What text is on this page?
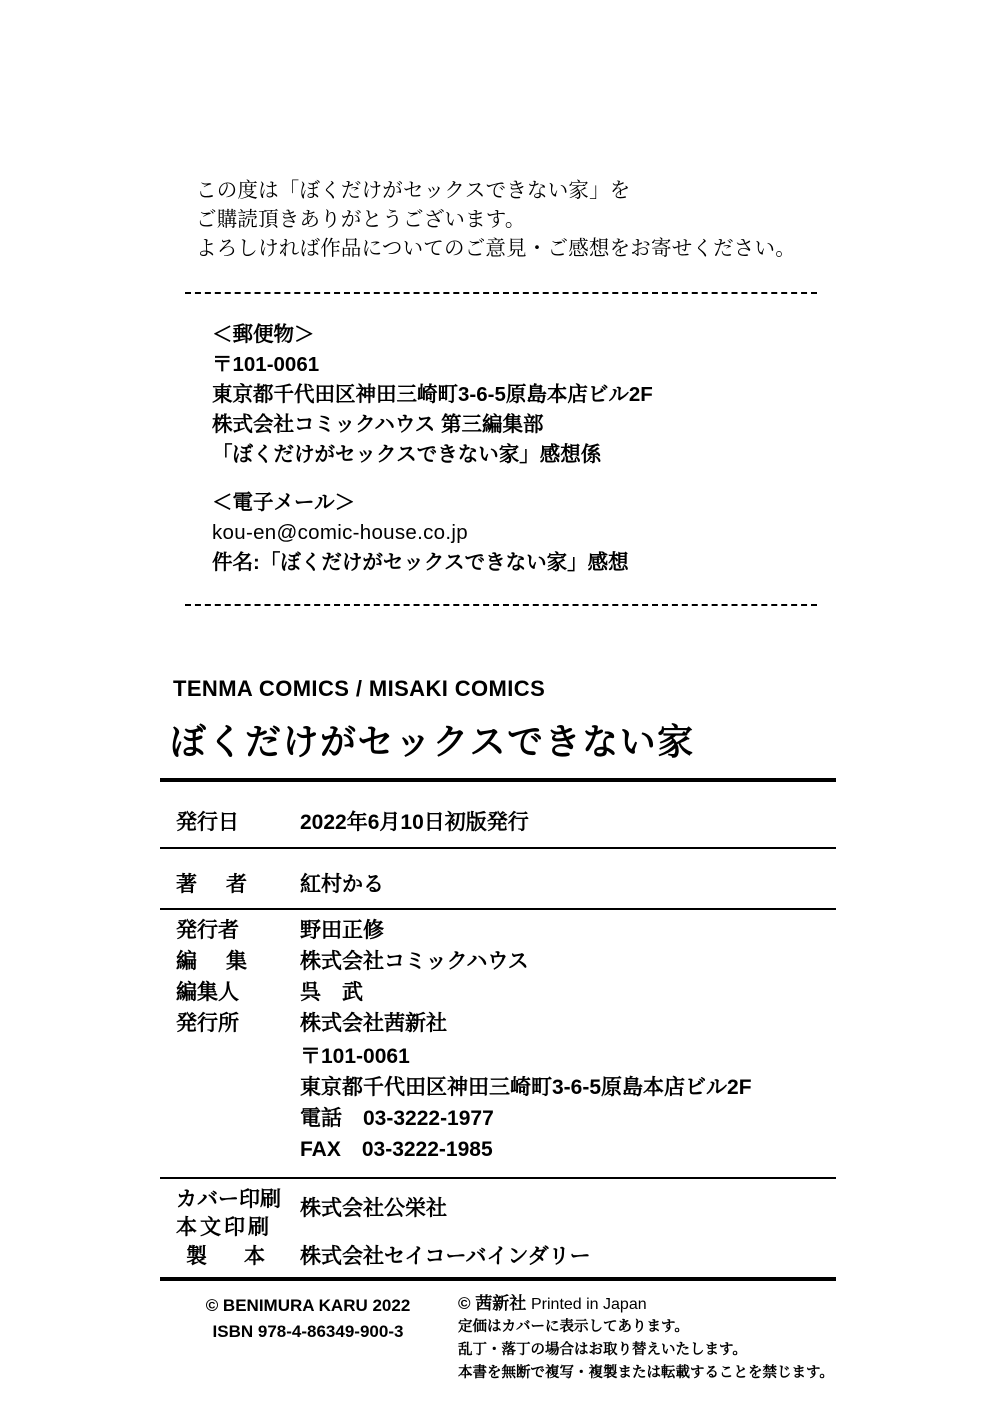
この度は「ぼくだけがセックスできない家」を
ご購読頂きありがとうございます。
よろしければ作品についてのご意見・ご感想をお寄せください。
＜郵便物＞
〒101-0061
東京都千代田区神田三崎町3-6-5原島本店ビル2F
株式会社コミックハウス 第三編集部
「ぼくだけがセックスできない家」感想係
＜電子メール＞
kou-en@comic-house.co.jp
件名:「ぼくだけがセックスできない家」感想
TENMA COMICS / MISAKI COMICS
ぼくだけがセックスできない家
発行日	2022年6月10日初版発行
著　者 紅村かる
発行者	野田正修
編　集 株式会社コミックハウス
編集人	呉　武
発行所	株式会社茜新社
〒101-0061
東京都千代田区神田三崎町3-6-5原島本店ビル2F
電話　03-3222-1977
FAX　03-3222-1985
カバー印刷 株式会社公栄社
本文印刷
製　本 株式会社セイコーバインダリー
© BENIMURA KARU 2022
ISBN 978-4-86349-900-3
© 茜新社 Printed in Japan
定価はカバーに表示してあります。
乱丁・落丁の場合はお取り替えいたします。
本書を無断で複写・複製または転載することを禁じます。
